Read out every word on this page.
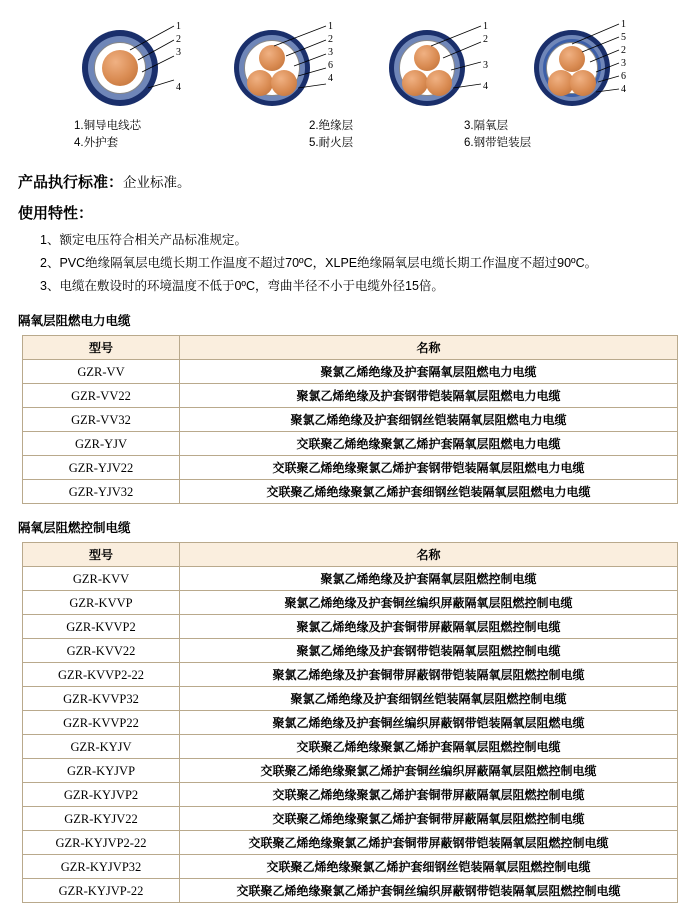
1
2
3
4
1
2
3
6
4
1
2
3
4
1
5
2
3
6
4
1.铜导电线芯
4.外护套
2.绝缘层
5.耐火层
3.隔氧层
6.钢带铠装层
产品执行标准：企业标准。
使用特性：
1、额定电压符合相关产品标准规定。
2、PVC绝缘隔氧层电缆长期工作温度不超过70ºC，XLPE绝缘隔氧层电缆长期工作温度不超过90ºC。
3、电缆在敷设时的环境温度不低于0ºC，弯曲半径不小于电缆外径15倍。
隔氧层阻燃电力电缆
型号	名称
GZR-VV	聚氯乙烯绝缘及护套隔氧层阻燃电力电缆
GZR-VV22	聚氯乙烯绝缘及护套钢带铠装隔氧层阻燃电力电缆
GZR-VV32	聚氯乙烯绝缘及护套细钢丝铠装隔氧层阻燃电力电缆
GZR-YJV	交联聚乙烯绝缘聚氯乙烯护套隔氧层阻燃电力电缆
GZR-YJV22	交联聚乙烯绝缘聚氯乙烯护套钢带铠装隔氧层阻燃电力电缆
GZR-YJV32	交联聚乙烯绝缘聚氯乙烯护套细钢丝铠装隔氧层阻燃电力电缆
隔氧层阻燃控制电缆
型号	名称
GZR-KVV	聚氯乙烯绝缘及护套隔氧层阻燃控制电缆
GZR-KVVP	聚氯乙烯绝缘及护套铜丝编织屏蔽隔氧层阻燃控制电缆
GZR-KVVP2	聚氯乙烯绝缘及护套铜带屏蔽隔氧层阻燃控制电缆
GZR-KVV22	聚氯乙烯绝缘及护套钢带铠装隔氧层阻燃控制电缆
GZR-KVVP2-22	聚氯乙烯绝缘及护套铜带屏蔽钢带铠装隔氧层阻燃控制电缆
GZR-KVVP32	聚氯乙烯绝缘及护套细钢丝铠装隔氧层阻燃控制电缆
GZR-KVVP22	聚氯乙烯绝缘及护套铜丝编织屏蔽钢带铠装隔氧层阻燃电缆
GZR-KYJV	交联聚乙烯绝缘聚氯乙烯护套隔氧层阻燃控制电缆
GZR-KYJVP	交联聚乙烯绝缘聚氯乙烯护套铜丝编织屏蔽隔氧层阻燃控制电缆
GZR-KYJVP2	交联聚乙烯绝缘聚氯乙烯护套铜带屏蔽隔氧层阻燃控制电缆
GZR-KYJV22	交联聚乙烯绝缘聚氯乙烯护套铜带屏蔽隔氧层阻燃控制电缆
GZR-KYJVP2-22	交联聚乙烯绝缘聚氯乙烯护套铜带屏蔽钢带铠装隔氧层阻燃控制电缆
GZR-KYJVP32	交联聚乙烯绝缘聚氯乙烯护套细钢丝铠装隔氧层阻燃控制电缆
GZR-KYJVP-22	交联聚乙烯绝缘聚氯乙烯护套铜丝编织屏蔽钢带铠装隔氧层阻燃控制电缆
